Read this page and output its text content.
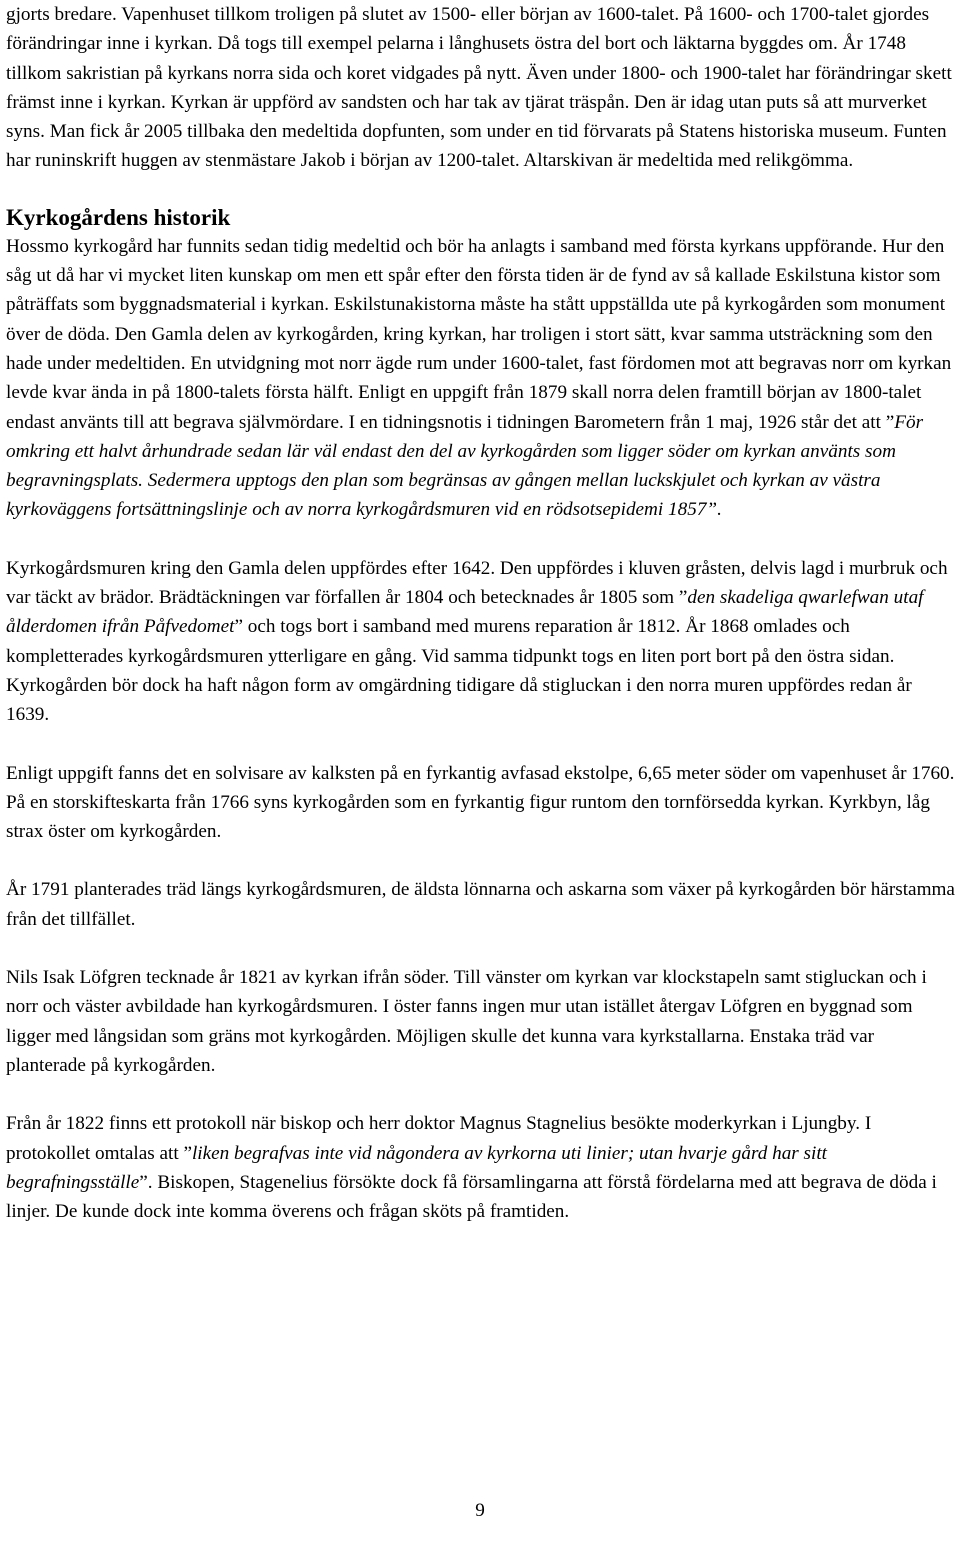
gjorts bredare. Vapenhuset tillkom troligen på slutet av 1500- eller början av 1600-talet. På 1600- och 1700-talet gjordes förändringar inne i kyrkan. Då togs till exempel pelarna i långhusets östra del bort och läktarna byggdes om. År 1748 tillkom sakristian på kyrkans norra sida och koret vidgades på nytt. Även under 1800- och 1900-talet har förändringar skett främst inne i kyrkan. Kyrkan är uppförd av sandsten och har tak av tjärat träspån. Den är idag utan puts så att murverket syns. Man fick år 2005 tillbaka den medeltida dopfunten, som under en tid förvarats på Statens historiska museum. Funten har runinskrift huggen av stenmästare Jakob i början av 1200-talet. Altarskivan är medeltida med relikgömma.

Kyrkogårdens historik

Hossmo kyrkogård har funnits sedan tidig medeltid och bör ha anlagts i samband med första kyrkans uppförande. Hur den såg ut då har vi mycket liten kunskap om men ett spår efter den första tiden är de fynd av så kallade Eskilstuna kistor som påträffats som byggnadsmaterial i kyrkan. Eskilstunakistorna måste ha stått uppställda ute på kyrkogården som monument över de döda. Den Gamla delen av kyrkogården, kring kyrkan, har troligen i stort sätt, kvar samma utsträckning som den hade under medeltiden. En utvidgning mot norr ägde rum under 1600-talet, fast fördomen mot att begravas norr om kyrkan levde kvar ända in på 1800-talets första hälft. Enligt en uppgift från 1879 skall norra delen framtill början av 1800-talet endast använts till att begrava självmördare. I en tidningsnotis i tidningen Barometern från 1 maj, 1926 står det att ”För omkring ett halvt århundrade sedan lär väl endast den del av kyrkogården som ligger söder om kyrkan använts som begravningsplats. Sedermera upptogs den plan som begränsas av gången mellan luckskjulet och kyrkan av västra kyrkoväggens fortsättningslinje och av norra kyrkogårdsmuren vid en rödsotsepidemi 1857”.

Kyrkogårdsmuren kring den Gamla delen uppfördes efter 1642. Den uppfördes i kluven gråsten, delvis lagd i murbruk och var täckt av brädor. Brädtäckningen var förfallen år 1804 och betecknades år 1805 som ”den skadeliga qwarlefwan utaf ålderdomen ifrån Påfvedomet” och togs bort i samband med murens reparation år 1812. År 1868 omlades och kompletterades kyrkogårdsmuren ytterligare en gång. Vid samma tidpunkt togs en liten port bort på den östra sidan. Kyrkogården bör dock ha haft någon form av omgärdning tidigare då stigluckan i den norra muren uppfördes redan år 1639.

Enligt uppgift fanns det en solvisare av kalksten på en fyrkantig avfasad ekstolpe, 6,65 meter söder om vapenhuset år 1760. På en storskifteskarta från 1766 syns kyrkogården som en fyrkantig figur runtom den tornförsedda kyrkan. Kyrkbyn, låg strax öster om kyrkogården.

År 1791 planterades träd längs kyrkogårdsmuren, de äldsta lönnarna och askarna som växer på kyrkogården bör härstamma från det tillfället.

Nils Isak Löfgren tecknade år 1821 av kyrkan ifrån söder. Till vänster om kyrkan var klockstapeln samt stigluckan och i norr och väster avbildade han kyrkogårdsmuren. I öster fanns ingen mur utan istället återgav Löfgren en byggnad som ligger med långsidan som gräns mot kyrkogården. Möjligen skulle det kunna vara kyrkstallarna. Enstaka träd var planterade på kyrkogården.

Från år 1822 finns ett protokoll när biskop och herr doktor Magnus Stagnelius besökte moderkyrkan i Ljungby. I protokollet omtalas att ”liken begrafvas inte vid någondera av kyrkorna uti linier; utan hvarje gård har sitt begrafningsställe”. Biskopen, Stagenelius försökte dock få församlingarna att förstå fördelarna med att begrava de döda i linjer. De kunde dock inte komma överens och frågan sköts på framtiden.

9
